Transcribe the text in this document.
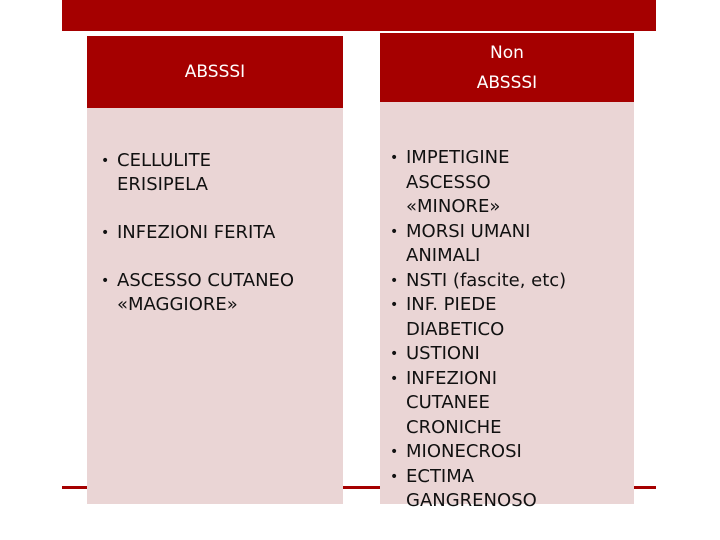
ABSSSI
• CELLULITE
ERISIPELA
• INFEZIONI FERITA
• ASCESSO CUTANEO
«MAGGIORE»
Non
ABSSSI
• IMPETIGINE
ASCESSO
«MINORE»
• MORSI UMANI
ANIMALI
• NSTI (fascite, etc)
• INF. PIEDE
DIABETICO
• USTIONI
• INFEZIONI
CUTANEE
CRONICHE
• MIONECROSI
• ECTIMA
GANGRENOSO
